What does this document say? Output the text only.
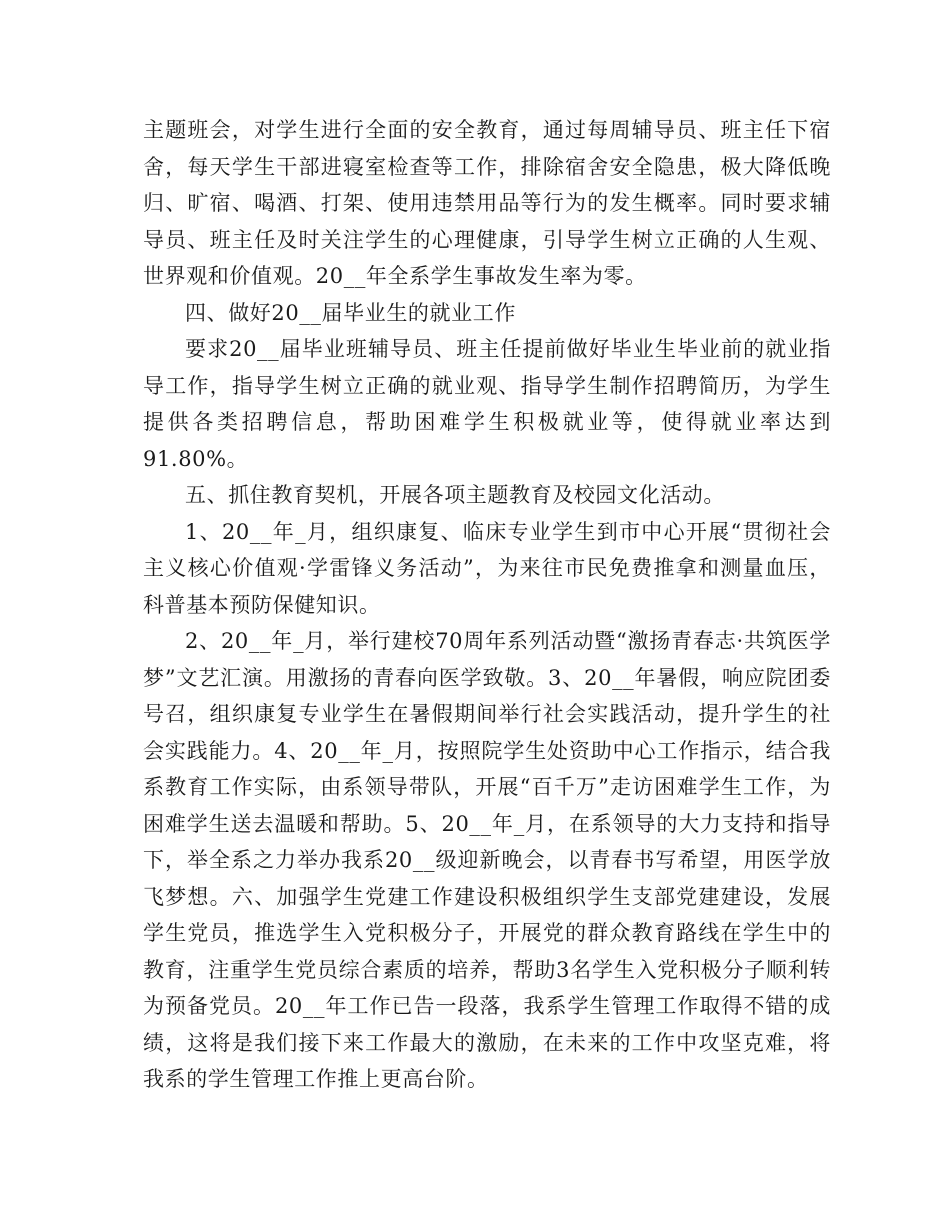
主题班会，对学生进行全面的安全教育，通过每周辅导员、班主任下宿舍，每天学生干部进寝室检查等工作，排除宿舍安全隐患，极大降低晚归、旷宿、喝酒、打架、使用违禁用品等行为的发生概率。同时要求辅导员、班主任及时关注学生的心理健康，引导学生树立正确的人生观、世界观和价值观。20__年全系学生事故发生率为零。

四、做好20__届毕业生的就业工作

要求20__届毕业班辅导员、班主任提前做好毕业生毕业前的就业指导工作，指导学生树立正确的就业观、指导学生制作招聘简历，为学生提供各类招聘信息，帮助困难学生积极就业等，使得就业率达到91.80%。

五、抓住教育契机，开展各项主题教育及校园文化活动。

1、20__年_月，组织康复、临床专业学生到市中心开展“贯彻社会主义核心价值观·学雷锋义务活动”，为来往市民免费推拿和测量血压，科普基本预防保健知识。

2、20__年_月，举行建校70周年系列活动暨“激扬青春志·共筑医学梦”文艺汇演。用激扬的青春向医学致敬。3、20__年暑假，响应院团委号召，组织康复专业学生在暑假期间举行社会实践活动，提升学生的社会实践能力。4、20__年_月，按照院学生处资助中心工作指示，结合我系教育工作实际，由系领导带队，开展“百千万”走访困难学生工作，为困难学生送去温暖和帮助。5、20__年_月，在系领导的大力支持和指导下，举全系之力举办我系20__级迎新晚会，以青春书写希望，用医学放飞梦想。六、加强学生党建工作建设积极组织学生支部党建建设，发展学生党员，推选学生入党积极分子，开展党的群众教育路线在学生中的教育，注重学生党员综合素质的培养，帮助3名学生入党积极分子顺利转为预备党员。20__年工作已告一段落，我系学生管理工作取得不错的成绩，这将是我们接下来工作最大的激励，在未来的工作中攻坚克难，将我系的学生管理工作推上更高台阶。
